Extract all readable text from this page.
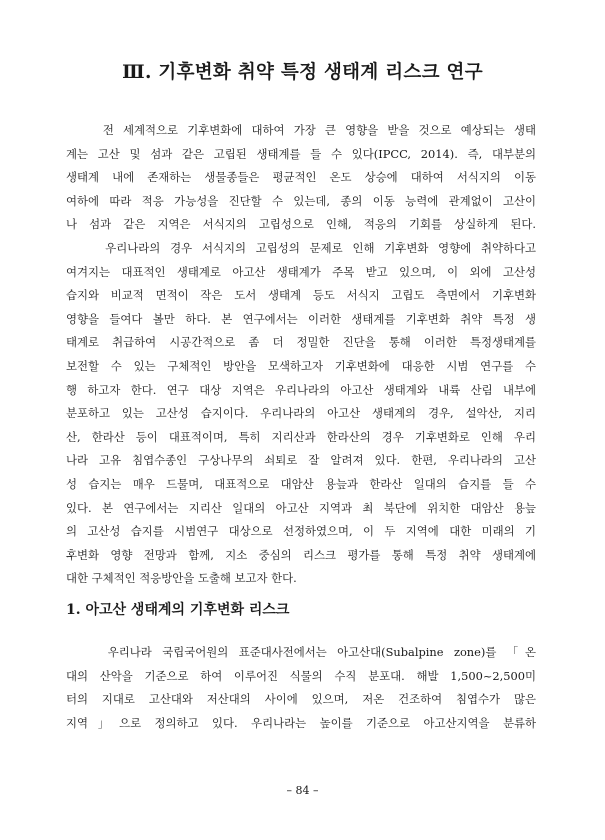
Ⅲ. 기후변화 취약 특정 생태계 리스크 연구
전 세계적으로 기후변화에 대하여 가장 큰 영향을 받을 것으로 예상되는 생태
계는 고산 및 섬과 같은 고립된 생태계를 들 수 있다(IPCC, 2014). 즉, 대부분의
생태계 내에 존재하는 생물종들은 평균적인 온도 상승에 대하여 서식지의 이동
여하에 따라 적응 가능성을 진단할 수 있는데, 종의 이동 능력에 관계없이 고산이
나 섬과 같은 지역은 서식지의 고립성으로 인해, 적응의 기회를 상실하게 된다.
우리나라의 경우 서식지의 고립성의 문제로 인해 기후변화 영향에 취약하다고
여겨지는 대표적인 생태계로 아고산 생태계가 주목 받고 있으며, 이 외에 고산성
습지와 비교적 면적이 작은 도서 생태계 등도 서식지 고립도 측면에서 기후변화
영향을 들여다 볼만 하다. 본 연구에서는 이러한 생태계를 기후변화 취약 특정 생
태계로 취급하여 시공간적으로 좀 더 정밀한 진단을 통해 이러한 특정생태계를
보전할 수 있는 구체적인 방안을 모색하고자 기후변화에 대응한 시범 연구를 수
행 하고자 한다. 연구 대상 지역은 우리나라의 아고산 생태계와 내륙 산림 내부에
분포하고 있는 고산성 습지이다. 우리나라의 아고산 생태계의 경우, 설악산, 지리
산, 한라산 등이 대표적이며, 특히 지리산과 한라산의 경우 기후변화로 인해 우리
나라 고유 침엽수종인 구상나무의 쇠퇴로 잘 알려져 있다. 한편, 우리나라의 고산
성 습지는 매우 드물며, 대표적으로 대암산 용늪과 한라산 일대의 습지를 들 수
있다. 본 연구에서는 지리산 일대의 아고산 지역과 최 북단에 위치한 대암산 용늪
의 고산성 습지를 시범연구 대상으로 선정하였으며, 이 두 지역에 대한 미래의 기
후변화 영향 전망과 함께, 지소 중심의 리스크 평가를 통해 특정 취약 생태계에
대한 구체적인 적응방안을 도출해 보고자 한다.
1. 아고산 생태계의 기후변화 리스크
우리나라 국립국어원의 표준대사전에서는 아고산대(Subalpine zone)를 「온
대의 산악을 기준으로 하여 이루어진 식물의 수직 분포대. 해발 1,500~2,500미
터의 지대로 고산대와 저산대의 사이에 있으며, 저온 건조하여 침엽수가 많은
지역」으로 정의하고 있다. 우리나라는 높이를 기준으로 아고산지역을 분류하
– 84 –
